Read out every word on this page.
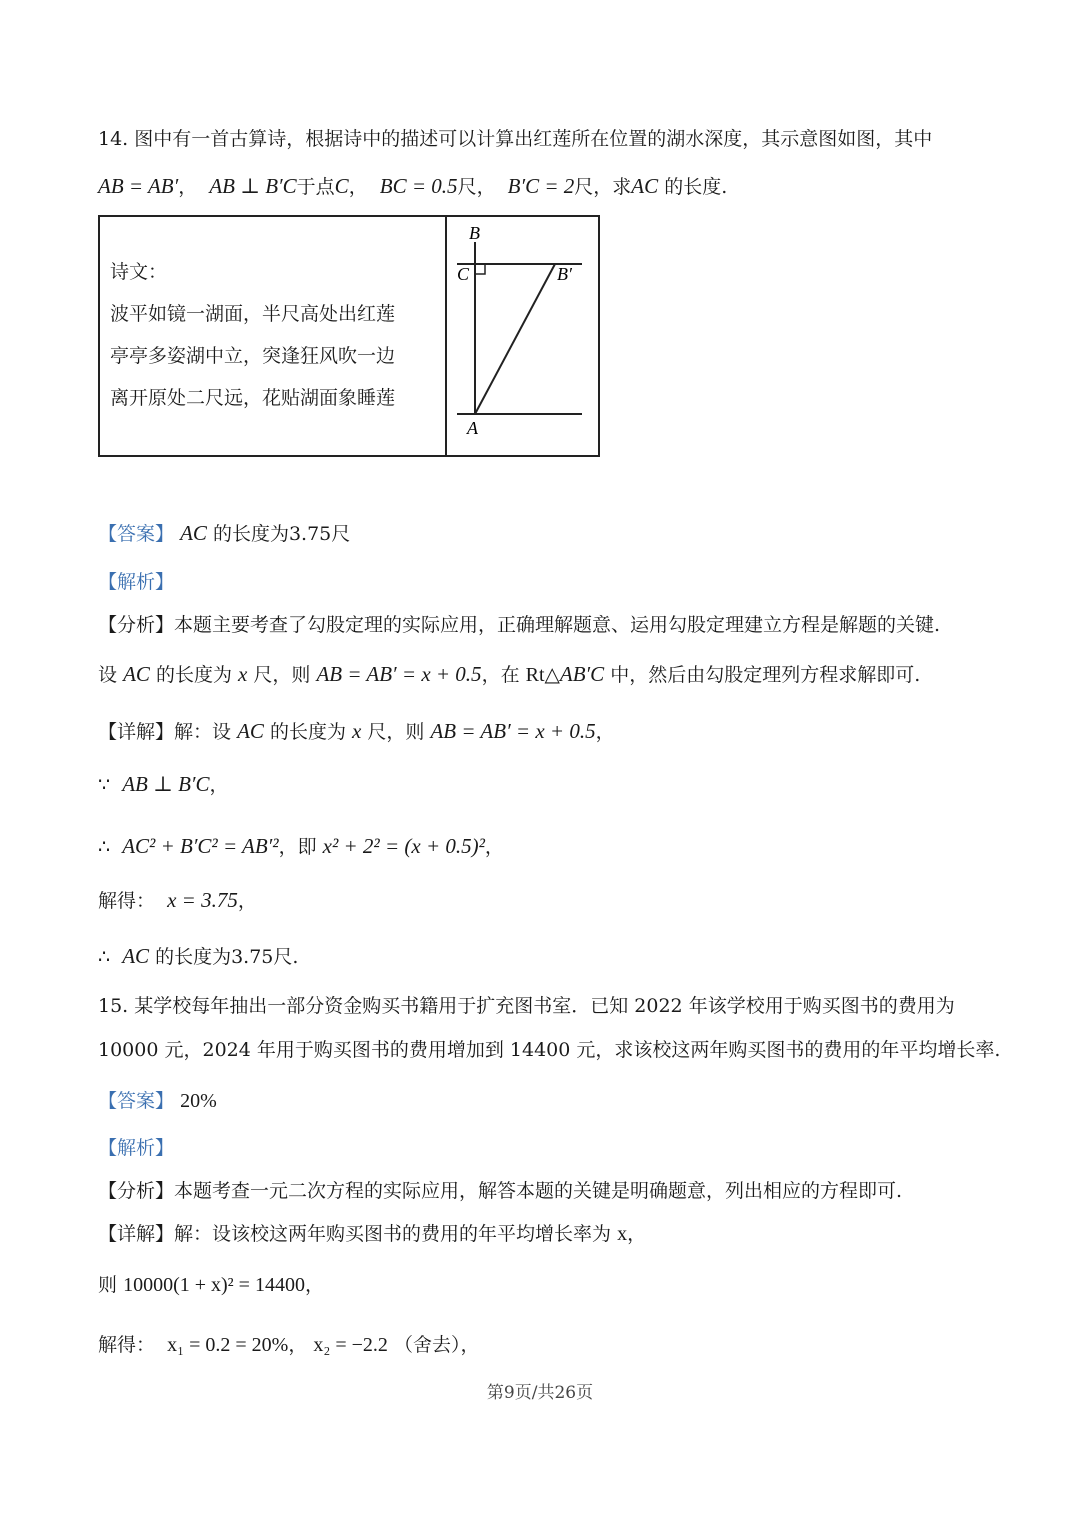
14. 图中有一首古算诗，根据诗中的描述可以计算出红莲所在位置的湖水深度，其示意图如图，其中
AB = AB′， AB ⊥ B′C于点C， BC = 0.5尺， B′C = 2尺，求AC 的长度.
诗文：
波平如镜一湖面，半尺高处出红莲
亭亭多姿湖中立，突逢狂风吹一边
离开原处二尺远，花贴湖面象睡莲
B
C	B′
A
【答案】 AC 的长度为3.75尺
【解析】
【分析】本题主要考查了勾股定理的实际应用，正确理解题意、运用勾股定理建立方程是解题的关键.
设 AC 的长度为 x 尺，则 AB = AB′ = x + 0.5，在 Rt△AB′C 中，然后由勾股定理列方程求解即可.
【详解】解：设 AC 的长度为 x 尺，则 AB = AB′ = x + 0.5，
∵ AB ⊥ B′C，
∴ AC² + B′C² = AB′²，即 x² + 2² = (x + 0.5)²，
解得： x = 3.75，
∴ AC 的长度为3.75尺.
15. 某学校每年抽出一部分资金购买书籍用于扩充图书室．已知 2022 年该学校用于购买图书的费用为
10000 元，2024 年用于购买图书的费用增加到 14400 元，求该校这两年购买图书的费用的年平均增长率.
【答案】 20%
【解析】
【分析】本题考查一元二次方程的实际应用，解答本题的关键是明确题意，列出相应的方程即可.
【详解】解：设该校这两年购买图书的费用的年平均增长率为 x，
则 10000(1 + x)² = 14400，
解得： x₁ = 0.2 = 20%， x₂ = −2.2 （舍去），
第9页/共26页
